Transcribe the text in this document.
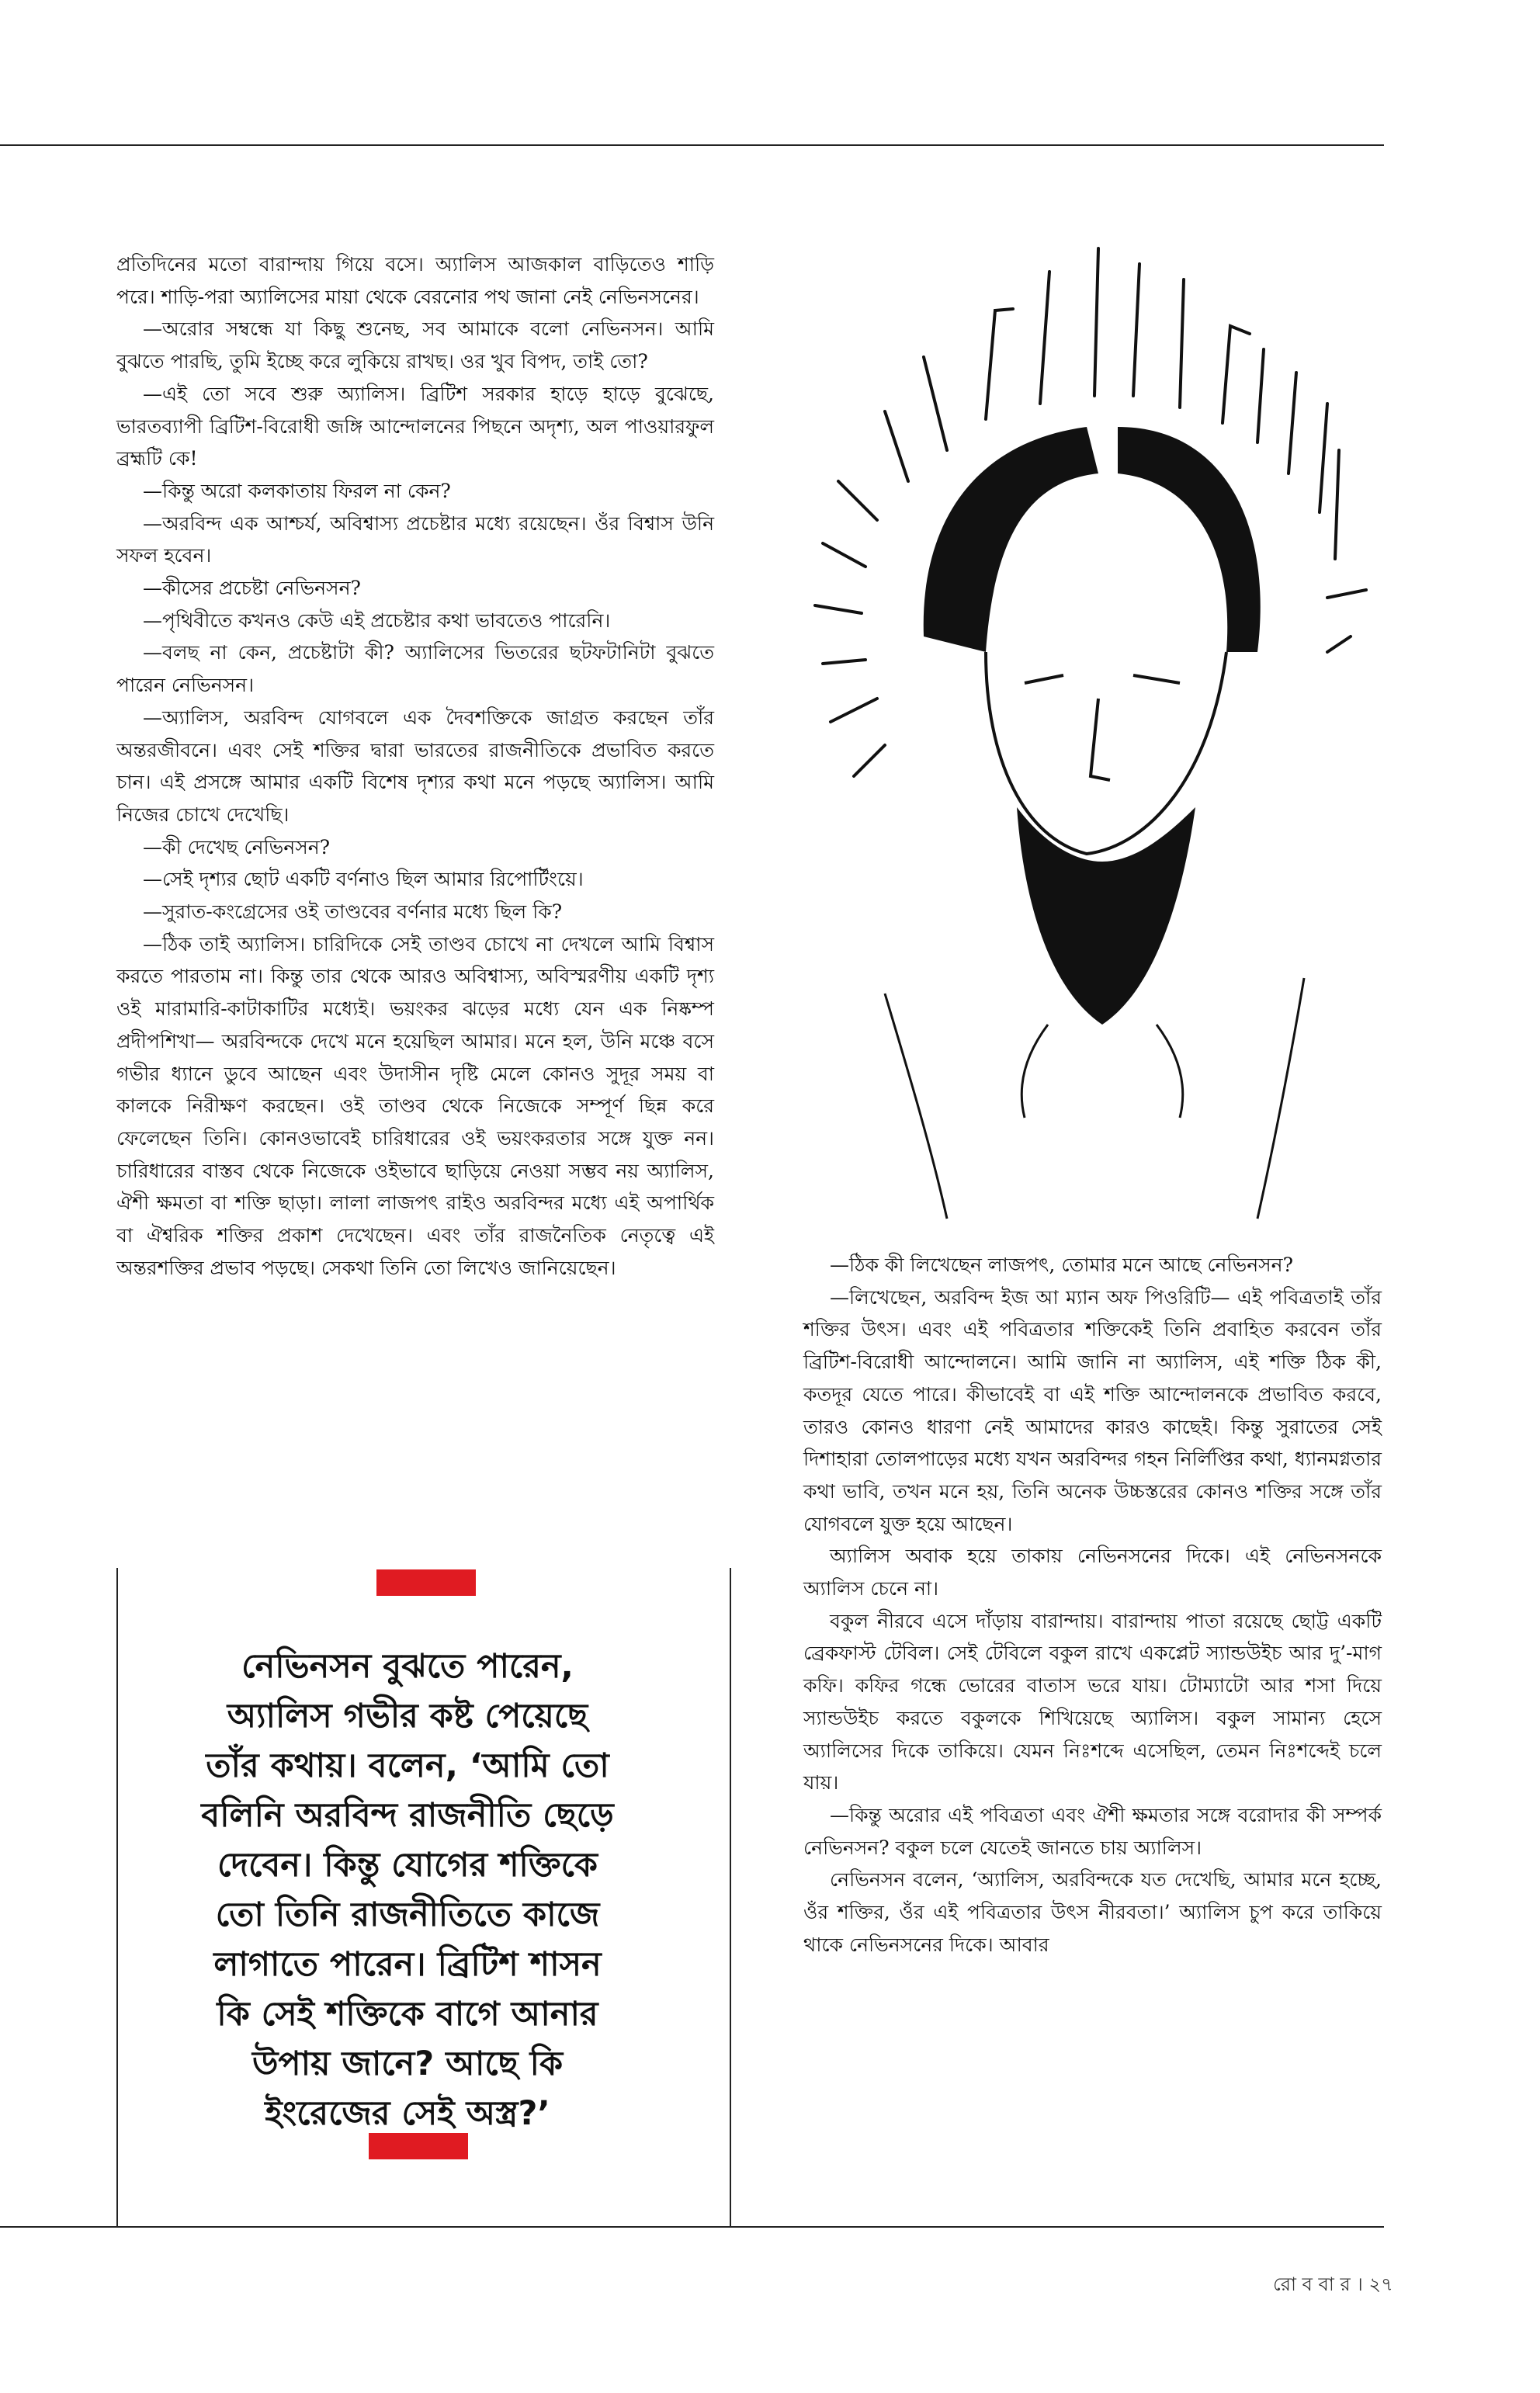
প্রতিদিনের মতো বারান্দায় গিয়ে বসে। অ্যালিস আজকাল বাড়িতেও শাড়ি পরে। শাড়ি-পরা অ্যালিসের মায়া থেকে বেরনোর পথ জানা নেই নেভিনসনের।

—অরোর সম্বন্ধে যা কিছু শুনেছ, সব আমাকে বলো নেভিনসন। আমি বুঝতে পারছি, তুমি ইচ্ছে করে লুকিয়ে রাখছ। ওর খুব বিপদ, তাই তো?

—এই তো সবে শুরু অ্যালিস। ব্রিটিশ সরকার হাড়ে হাড়ে বুঝেছে, ভারতব্যাপী ব্রিটিশ-বিরোধী জঙ্গি আন্দোলনের পিছনে অদৃশ্য, অল পাওয়ারফুল ব্রহ্মটি কে!

—কিন্তু অরো কলকাতায় ফিরল না কেন?

—অরবিন্দ এক আশ্চর্য, অবিশ্বাস্য প্রচেষ্টার মধ্যে রয়েছেন। ওঁর বিশ্বাস উনি সফল হবেন।

—কীসের প্রচেষ্টা নেভিনসন?

—পৃথিবীতে কখনও কেউ এই প্রচেষ্টার কথা ভাবতেও পারেনি।

—বলছ না কেন, প্রচেষ্টাটা কী? অ্যালিসের ভিতরের ছটফটানিটা বুঝতে পারেন নেভিনসন।

—অ্যালিস, অরবিন্দ যোগবলে এক দৈবশক্তিকে জাগ্রত করছেন তাঁর অন্তরজীবনে। এবং সেই শক্তির দ্বারা ভারতের রাজনীতিকে প্রভাবিত করতে চান। এই প্রসঙ্গে আমার একটি বিশেষ দৃশ্যর কথা মনে পড়ছে অ্যালিস। আমি নিজের চোখে দেখেছি।

—কী দেখেছ নেভিনসন?

—সেই দৃশ্যর ছোট একটি বর্ণনাও ছিল আমার রিপোর্টিংয়ে।

—সুরাত-কংগ্রেসের ওই তাণ্ডবের বর্ণনার মধ্যে ছিল কি?

—ঠিক তাই অ্যালিস। চারিদিকে সেই তাণ্ডব চোখে না দেখলে আমি বিশ্বাস করতে পারতাম না। কিন্তু তার থেকে আরও অবিশ্বাস্য, অবিস্মরণীয় একটি দৃশ্য ওই মারামারি-কাটাকাটির মধ্যেই। ভয়ংকর ঝড়ের মধ্যে যেন এক নিষ্কম্প প্রদীপশিখা— অরবিন্দকে দেখে মনে হয়েছিল আমার। মনে হল, উনি মঞ্চে বসে গভীর ধ্যানে ডুবে আছেন এবং উদাসীন দৃষ্টি মেলে কোনও সুদূর সময় বা কালকে নিরীক্ষণ করছেন। ওই তাণ্ডব থেকে নিজেকে সম্পূর্ণ ছিন্ন করে ফেলেছেন তিনি। কোনওভাবেই চারিধারের ওই ভয়ংকরতার সঙ্গে যুক্ত নন। চারিধারের বাস্তব থেকে নিজেকে ওইভাবে ছাড়িয়ে নেওয়া সম্ভব নয় অ্যালিস, ঐশী ক্ষমতা বা শক্তি ছাড়া। লালা লাজপৎ রাইও অরবিন্দর মধ্যে এই অপার্থিক বা ঐশ্বরিক শক্তির প্রকাশ দেখেছেন। এবং তাঁর রাজনৈতিক নেতৃত্বে এই অন্তরশক্তির প্রভাব পড়ছে। সেকথা তিনি তো লিখেও জানিয়েছেন।

নেভিনসন বুঝতে পারেন,
অ্যালিস গভীর কষ্ট পেয়েছে
তাঁর কথায়। বলেন, ‘আমি তো
বলিনি অরবিন্দ রাজনীতি ছেড়ে
দেবেন। কিন্তু যোগের শক্তিকে
তো তিনি রাজনীতিতে কাজে
লাগাতে পারেন। ব্রিটিশ শাসন
কি সেই শক্তিকে বাগে আনার
উপায় জানে? আছে কি
ইংরেজের সেই অস্ত্র?’

—ঠিক কী লিখেছেন লাজপৎ, তোমার মনে আছে নেভিনসন?

—লিখেছেন, অরবিন্দ ইজ আ ম্যান অফ পিওরিটি— এই পবিত্রতাই তাঁর শক্তির উৎস। এবং এই পবিত্রতার শক্তিকেই তিনি প্রবাহিত করবেন তাঁর ব্রিটিশ-বিরোধী আন্দোলনে। আমি জানি না অ্যালিস, এই শক্তি ঠিক কী, কতদূর যেতে পারে। কীভাবেই বা এই শক্তি আন্দোলনকে প্রভাবিত করবে, তারও কোনও ধারণা নেই আমাদের কারও কাছেই। কিন্তু সুরাতের সেই দিশাহারা তোলপাড়ের মধ্যে যখন অরবিন্দর গহন নির্লিপ্তির কথা, ধ্যানমগ্নতার কথা ভাবি, তখন মনে হয়, তিনি অনেক উচ্চস্তরের কোনও শক্তির সঙ্গে তাঁর যোগবলে যুক্ত হয়ে আছেন।

অ্যালিস অবাক হয়ে তাকায় নেভিনসনের দিকে। এই নেভিনসনকে অ্যালিস চেনে না।

বকুল নীরবে এসে দাঁড়ায় বারান্দায়। বারান্দায় পাতা রয়েছে ছোট্ট একটি ব্রেকফাস্ট টেবিল। সেই টেবিলে বকুল রাখে একপ্লেট স্যান্ডউইচ আর দু’-মাগ কফি। কফির গন্ধে ভোরের বাতাস ভরে যায়। টোম্যাটো আর শসা দিয়ে স্যান্ডউইচ করতে বকুলকে শিখিয়েছে অ্যালিস। বকুল সামান্য হেসে অ্যালিসের দিকে তাকিয়ে। যেমন নিঃশব্দে এসেছিল, তেমন নিঃশব্দেই চলে যায়।

—কিন্তু অরোর এই পবিত্রতা এবং ঐশী ক্ষমতার সঙ্গে বরোদার কী সম্পর্ক নেভিনসন? বকুল চলে যেতেই জানতে চায় অ্যালিস।

নেভিনসন বলেন, ‘অ্যালিস, অরবিন্দকে যত দেখেছি, আমার মনে হচ্ছে, ওঁর শক্তির, ওঁর এই পবিত্রতার উৎস নীরবতা।’ অ্যালিস চুপ করে তাকিয়ে থাকে নেভিনসনের দিকে। আবার

রো ব বা র । ২৭
